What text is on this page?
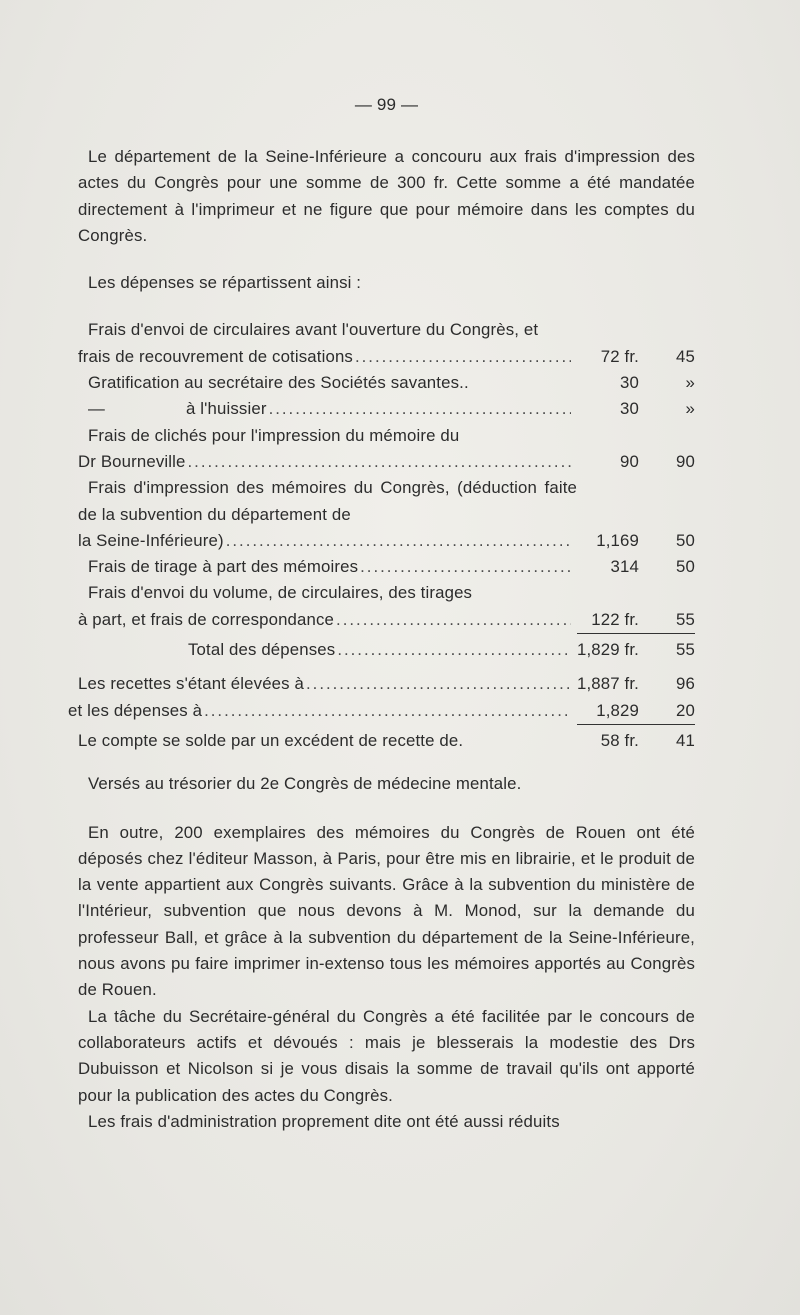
— 99 —

Le département de la Seine-Inférieure a concouru aux frais d'impression des actes du Congrès pour une somme de 300 fr. Cette somme a été mandatée directement à l'imprimeur et ne figure que pour mémoire dans les comptes du Congrès.

Les dépenses se répartissent ainsi :

Frais d'envoi de circulaires avant l'ouverture du Congrès, et
frais de recouvrement de cotisations .....	72 fr.	45
Gratification au secrétaire des Sociétés savantes..	30	»
—	à l'huissier .....	30	»
Frais de clichés pour l'impression du mémoire du
Dr Bourneville .....	90	90
Frais d'impression des mémoires du Congrès, (déduction faite de la subvention du département de
la Seine-Inférieure) .....	1,169	50
Frais de tirage à part des mémoires .....	314	50
Frais d'envoi du volume, de circulaires, des tirages
à part, et frais de correspondance .....	122 fr.	55
Total des dépenses .....	1,829 fr.	55
Les recettes s'étant élevées à .....	1,887 fr.	96
et les dépenses à .....	1,829	20
Le compte se solde par un excédent de recette de.	58 fr.	41

Versés au trésorier du 2e Congrès de médecine mentale.

En outre, 200 exemplaires des mémoires du Congrès de Rouen ont été déposés chez l'éditeur Masson, à Paris, pour être mis en librairie, et le produit de la vente appartient aux Congrès suivants. Grâce à la subvention du ministère de l'Intérieur, subvention que nous devons à M. Monod, sur la demande du professeur Ball, et grâce à la subvention du département de la Seine-Inférieure, nous avons pu faire imprimer in-extenso tous les mémoires apportés au Congrès de Rouen.

La tâche du Secrétaire-général du Congrès a été facilitée par le concours de collaborateurs actifs et dévoués : mais je blesserais la modestie des Drs Dubuisson et Nicolson si je vous disais la somme de travail qu'ils ont apporté pour la publication des actes du Congrès.

Les frais d'administration proprement dite ont été aussi réduits
